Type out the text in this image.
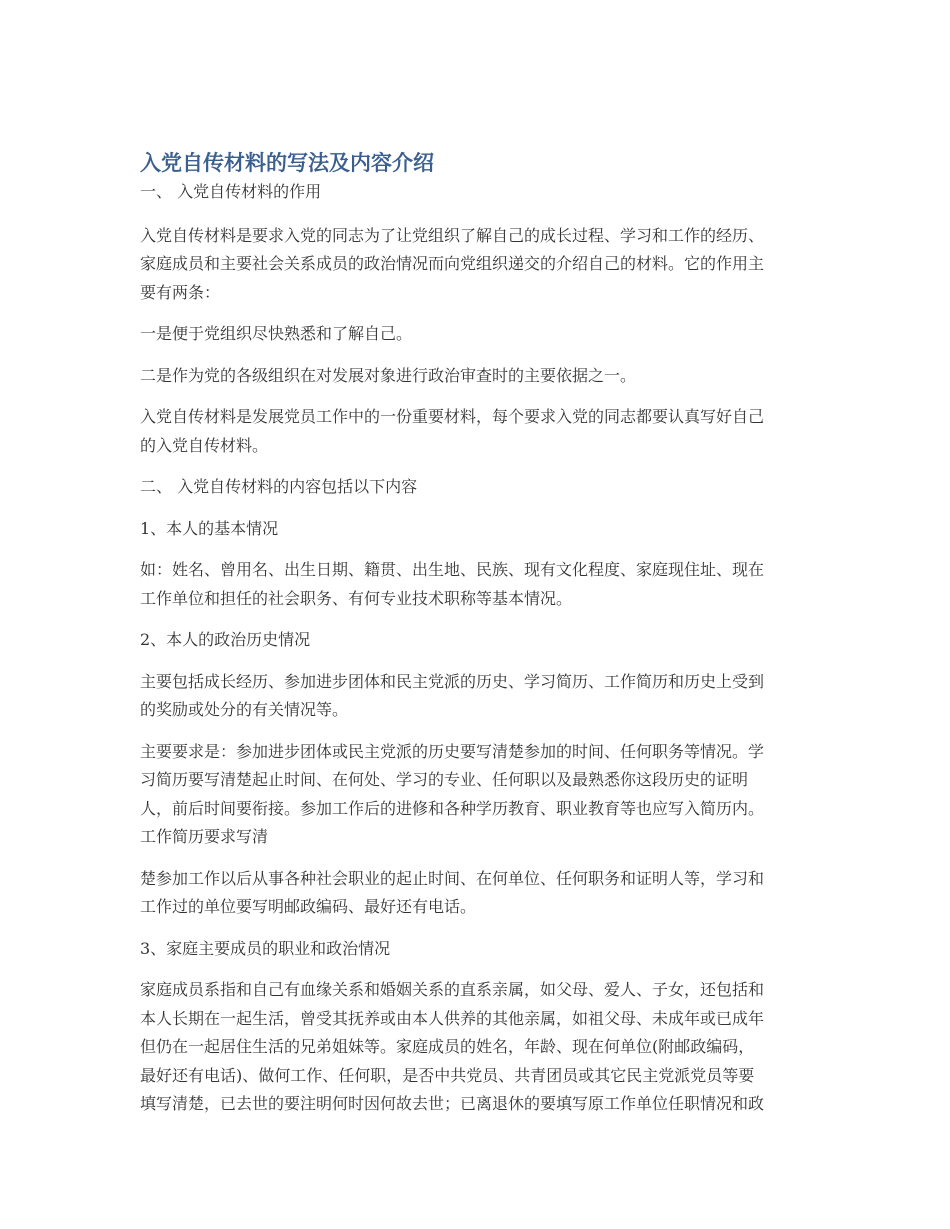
入党自传材料的写法及内容介绍

一、 入党自传材料的作用

入党自传材料是要求入党的同志为了让党组织了解自己的成长过程、学习和工作的经历、
家庭成员和主要社会关系成员的政治情况而向党组织递交的介绍自己的材料。它的作用主
要有两条：

一是便于党组织尽快熟悉和了解自己。

二是作为党的各级组织在对发展对象进行政治审查时的主要依据之一。

入党自传材料是发展党员工作中的一份重要材料，每个要求入党的同志都要认真写好自己
的入党自传材料。

二、 入党自传材料的内容包括以下内容

1、本人的基本情况

如：姓名、曾用名、出生日期、籍贯、出生地、民族、现有文化程度、家庭现住址、现在
工作单位和担任的社会职务、有何专业技术职称等基本情况。

2、本人的政治历史情况

主要包括成长经历、参加进步团体和民主党派的历史、学习简历、工作简历和历史上受到
的奖励或处分的有关情况等。

主要要求是：参加进步团体或民主党派的历史要写清楚参加的时间、任何职务等情况。学
习简历要写清楚起止时间、在何处、学习的专业、任何职以及最熟悉你这段历史的证明
人，前后时间要衔接。参加工作后的进修和各种学历教育、职业教育等也应写入简历内。
工作简历要求写清

楚参加工作以后从事各种社会职业的起止时间、在何单位、任何职务和证明人等，学习和
工作过的单位要写明邮政编码、最好还有电话。

3、家庭主要成员的职业和政治情况

家庭成员系指和自己有血缘关系和婚姻关系的直系亲属，如父母、爱人、子女，还包括和
本人长期在一起生活，曾受其抚养或由本人供养的其他亲属，如祖父母、未成年或已成年
但仍在一起居住生活的兄弟姐妹等。家庭成员的姓名，年龄、现在何单位(附邮政编码，
最好还有电话)、做何工作、任何职，是否中共党员、共青团员或其它民主党派党员等要
填写清楚，已去世的要注明何时因何故去世；已离退休的要填写原工作单位任职情况和政
